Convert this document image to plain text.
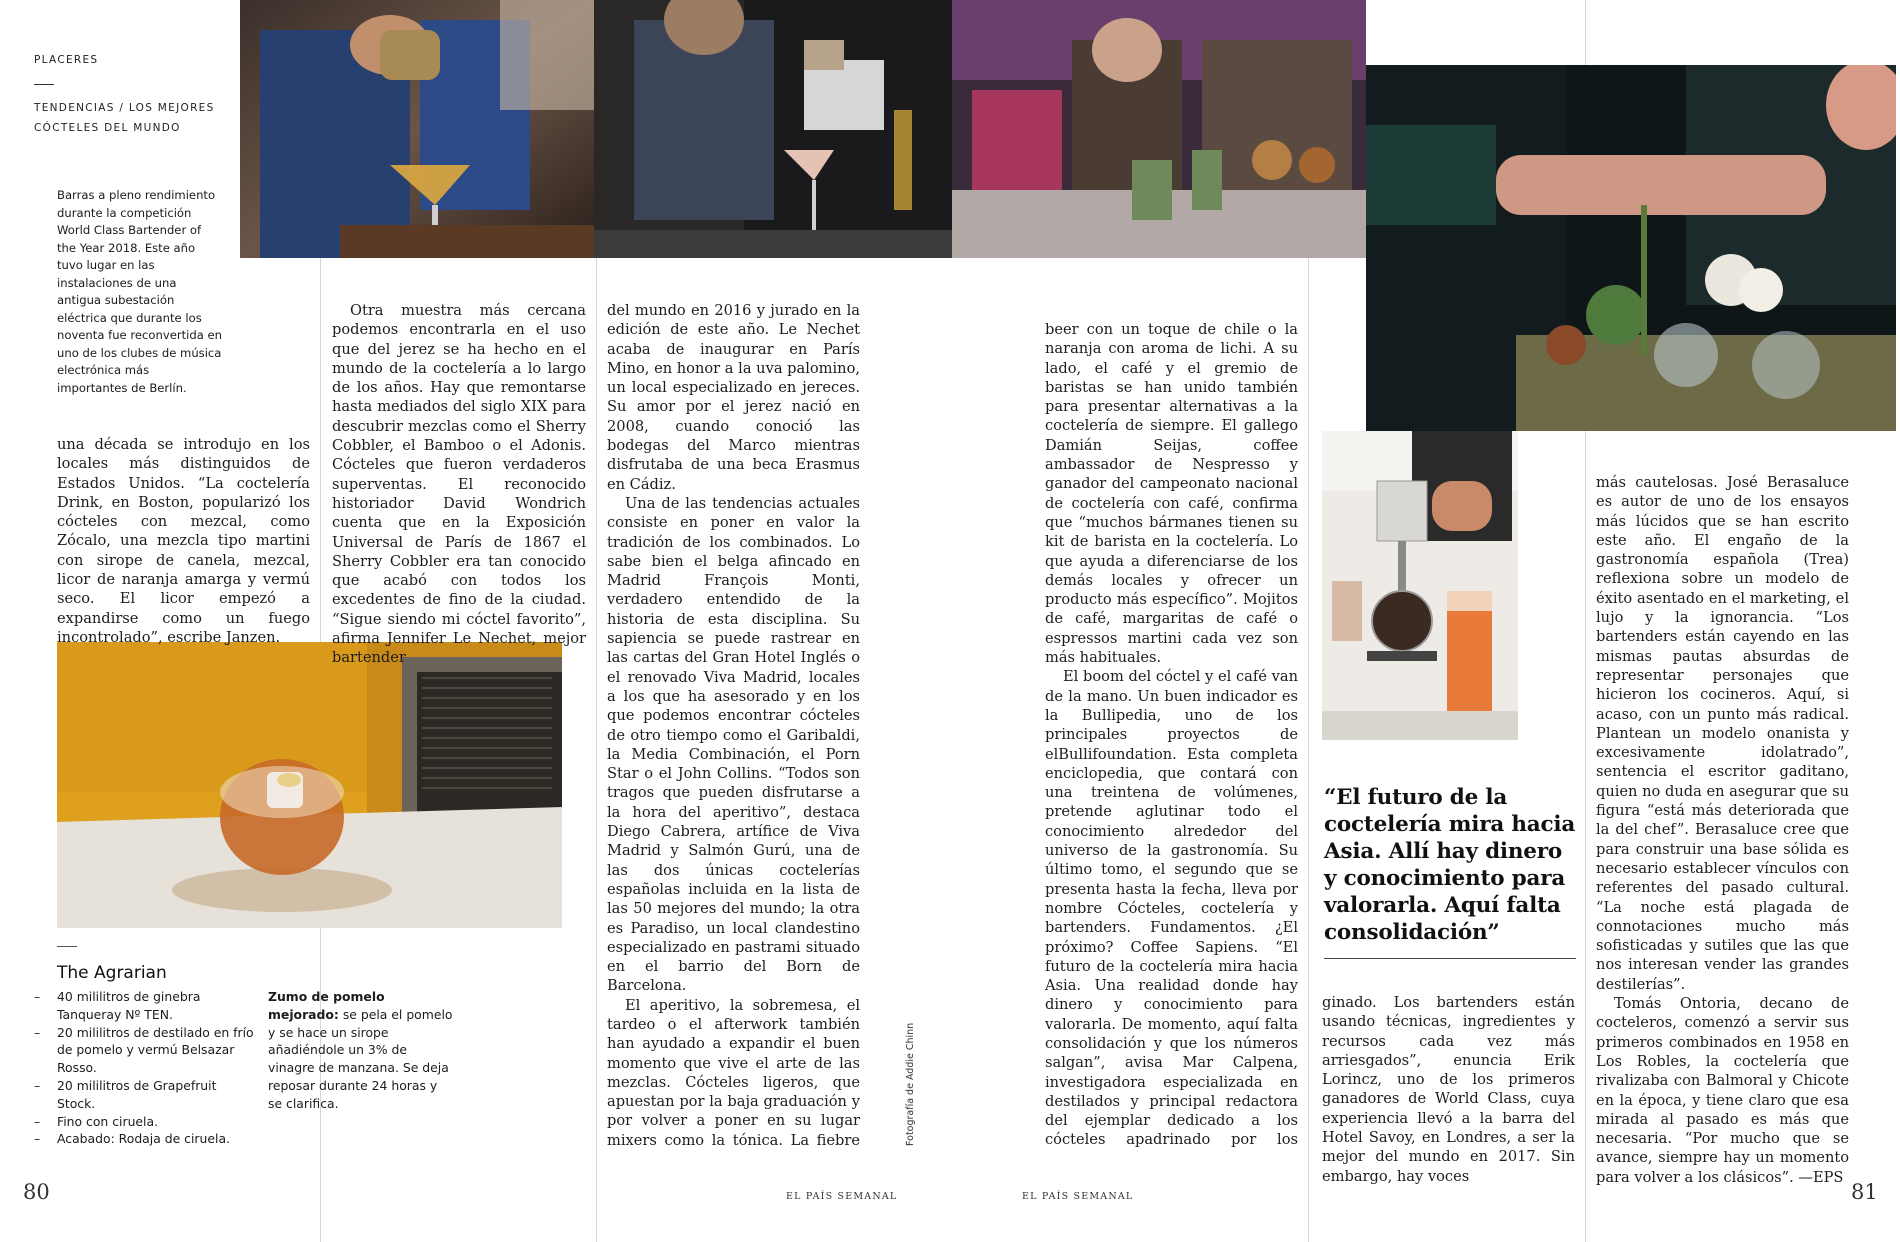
PLACERES
TENDENCIAS / LOS MEJORES
CÓCTELES DEL MUNDO
Barras a pleno rendimiento durante la competición World Class Bartender of the Year 2018. Este año tuvo lugar en las instalaciones de una antigua subestación eléctrica que durante los noventa fue reconvertida en uno de los clubes de música electrónica más importantes de Berlín.

una década se introdujo en los locales más distinguidos de Estados Unidos. “La coctelería Drink, en Boston, popularizó los cócteles con mezcal, como Zócalo, una mezcla tipo martini con sirope de canela, mezcal, licor de naranja amarga y vermú seco. El licor empezó a expandirse como un fuego incontrolado”, escribe Janzen.

The Agrarian
– 40 mililitros de ginebra Tanqueray Nº TEN.
– 20 mililitros de destilado en frío de pomelo y vermú Belsazar Rosso.
– 20 mililitros de Grapefruit Stock.
– Fino con ciruela.
– Acabado: Rodaja de ciruela.
Zumo de pomelo mejorado: se pela el pomelo y se hace un sirope añadiéndole un 3% de vinagre de manzana. Se deja reposar durante 24 horas y se clarifica.

Otra muestra más cercana podemos encontrarla en el uso que del jerez se ha hecho en el mundo de la coctelería a lo largo de los años. Hay que remontarse hasta mediados del siglo XIX para descubrir mezclas como el Sherry Cobbler, el Bamboo o el Adonis. Cócteles que fueron verdaderos superventas. El reconocido historiador David Wondrich cuenta que en la Exposición Universal de París de 1867 el Sherry Cobbler era tan conocido que acabó con todos los excedentes de fino de la ciudad. “Sigue siendo mi cóctel favorito”, afirma Jennifer Le Nechet, mejor bartender

del mundo en 2016 y jurado en la edición de este año. Le Nechet acaba de inaugurar en París Mino, en honor a la uva palomino, un local especializado en jereces. Su amor por el jerez nació en 2008, cuando conoció las bodegas del Marco mientras disfrutaba de una beca Erasmus en Cádiz.

Una de las tendencias actuales consiste en poner en valor la tradición de los combinados. Lo sabe bien el belga afincado en Madrid François Monti, verdadero entendido de la historia de esta disciplina. Su sapiencia se puede rastrear en las cartas del Gran Hotel Inglés o el renovado Viva Madrid, locales a los que ha asesorado y en los que podemos encontrar cócteles de otro tiempo como el Garibaldi, la Media Combinación, el Porn Star o el John Collins. “Todos son tragos que pueden disfrutarse a la hora del aperitivo”, destaca Diego Cabrera, artífice de Viva Madrid y Salmón Gurú, una de las dos únicas coctelerías españolas incluida en la lista de las 50 mejores del mundo; la otra es Paradiso, un local clandestino especializado en pastrami situado en el barrio del Born de Barcelona.

El aperitivo, la sobremesa, el tardeo o el afterwork también han ayudado a expandir el buen momento que vive el arte de las mezclas. Cócteles ligeros, que apuestan por la baja graduación y por volver a poner en su lugar mixers como la tónica. La fiebre	Fotografía de Addie Chinn

beer con un toque de chile o la naranja con aroma de lichi. A su lado, el café y el gremio de baristas se han unido también para presentar alternativas a la coctelería de siempre. El gallego Damián Seijas, coffee ambassador de Nespresso y ganador del campeonato nacional de coctelería con café, confirma que “muchos bármanes tienen su kit de barista en la coctelería. Lo que ayuda a diferenciarse de los demás locales y ofrecer un producto más específico”. Mojitos de café, margaritas de café o espressos martini cada vez son más habituales.

El boom del cóctel y el café van de la mano. Un buen indicador es la Bullipedia, uno de los principales proyectos de elBullifoundation. Esta completa enciclopedia, que contará con una treintena de volúmenes, pretende aglutinar todo el conocimiento alrededor del universo de la gastronomía. Su último tomo, el segundo que se presenta hasta la fecha, lleva por nombre Cócteles, coctelería y bartenders. Fundamentos. ¿El próximo? Coffee Sapiens. “El futuro de la coctelería mira hacia Asia. Una realidad donde hay dinero y conocimiento para valorarla. De momento, aquí falta consolidación y que los números salgan”, avisa Mar Calpena, investigadora especializada en destilados y principal redactora del ejemplar dedicado a los cócteles apadrinado por los

“El futuro de la coctelería mira hacia Asia. Allí hay dinero y conocimiento para valorarla. Aquí falta consolidación”

ginado. Los bartenders están usando técnicas, ingredientes y recursos cada vez más arriesgados”, enuncia Erik Lorincz, uno de los primeros ganadores de World Class, cuya experiencia llevó a la barra del Hotel Savoy, en Londres, a ser la mejor del mundo en 2017. Sin embargo, hay voces

más cautelosas. José Berasaluce es autor de uno de los ensayos más lúcidos que se han escrito este año. El engaño de la gastronomía española (Trea) reflexiona sobre un modelo de éxito asentado en el marketing, el lujo y la ignorancia. “Los bartenders están cayendo en las mismas pautas absurdas de representar personajes que hicieron los cocineros. Aquí, si acaso, con un punto más radical. Plantean un modelo onanista y excesivamente idolatrado”, sentencia el escritor gaditano, quien no duda en asegurar que su figura “está más deteriorada que la del chef”. Berasaluce cree que para construir una base sólida es necesario establecer vínculos con referentes del pasado cultural. “La noche está plagada de connotaciones mucho más sofisticadas y sutiles que las que nos interesan vender las grandes destilerías”.

Tomás Ontoria, decano de cocteleros, comenzó a servir sus primeros combinados en 1958 en Los Robles, la coctelería que rivalizaba con Balmoral y Chicote en la época, y tiene claro que esa mirada al pasado es más que necesaria. “Por mucho que se avance, siempre hay un momento para volver a los clásicos”. —EPS

80	EL PAÍS SEMANAL	EL PAÍS SEMANAL	81
